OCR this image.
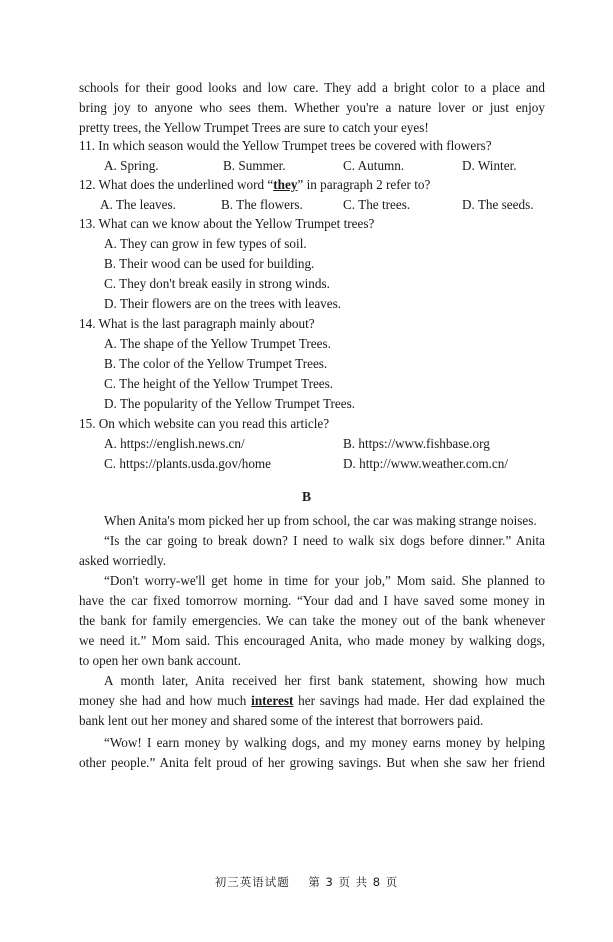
schools for their good looks and low care. They add a bright color to a place and
bring joy to anyone who sees them. Whether you're a nature lover or just enjoy
pretty trees, the Yellow Trumpet Trees are sure to catch your eyes!
11. In which season would the Yellow Trumpet trees be covered with flowers?
A. Spring.	B. Summer.	C. Autumn.	D. Winter.
12. What does the underlined word “they” in paragraph 2 refer to?
A. The leaves.	B. The flowers.	C. The trees.	D. The seeds.
13. What can we know about the Yellow Trumpet trees?
A. They can grow in few types of soil.
B. Their wood can be used for building.
C. They don't break easily in strong winds.
D. Their flowers are on the trees with leaves.
14. What is the last paragraph mainly about?
A. The shape of the Yellow Trumpet Trees.
B. The color of the Yellow Trumpet Trees.
C. The height of the Yellow Trumpet Trees.
D. The popularity of the Yellow Trumpet Trees.
15. On which website can you read this article?
A. https://english.news.cn/	B. https://www.fishbase.org
C. https://plants.usda.gov/home	D. http://www.weather.com.cn/
B
When Anita's mom picked her up from school, the car was making strange noises.
“Is the car going to break down? I need to walk six dogs before dinner.” Anita
asked worriedly.
“Don't worry-we'll get home in time for your job,” Mom said. She planned to
have the car fixed tomorrow morning. “Your dad and I have saved some money in
the bank for family emergencies. We can take the money out of the bank whenever
we need it.” Mom said. This encouraged Anita, who made money by walking dogs,
to open her own bank account.
A month later, Anita received her first bank statement, showing how much
money she had and how much interest her savings had made. Her dad explained the
bank lent out her money and shared some of the interest that borrowers paid.
“Wow! I earn money by walking dogs, and my money earns money by helping
other people.” Anita felt proud of her growing savings. But when she saw her friend
初三英语试题    第 3 页 共 8 页
